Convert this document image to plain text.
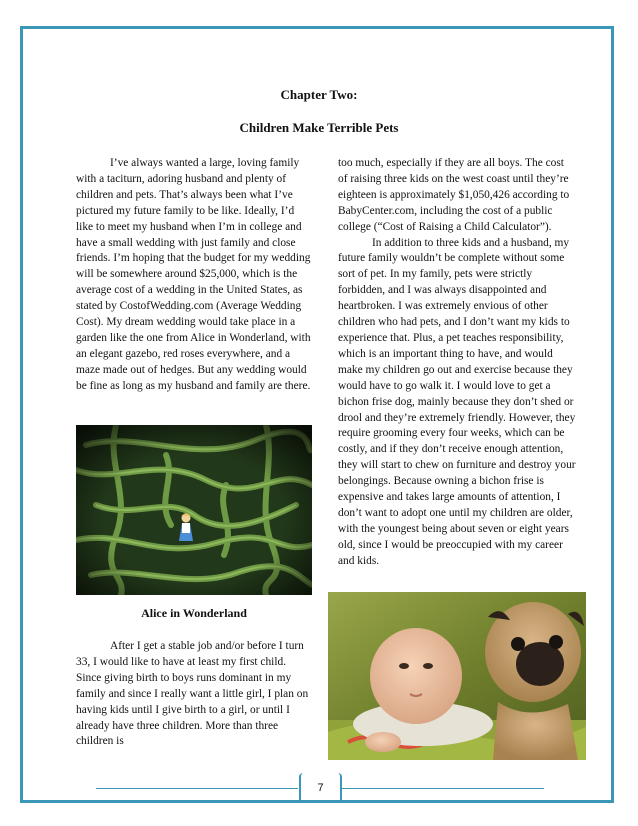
Chapter Two:
Children Make Terrible Pets

I’ve always wanted a large, loving family with a taciturn, adoring husband and plenty of children and pets. That’s always been what I’ve pictured my future family to be like. Ideally, I’d like to meet my husband when I’m in college and have a small wedding with just family and close friends. I’m hoping that the budget for my wedding will be somewhere around $25,000, which is the average cost of a wedding in the United States, as stated by CostofWedding.com (Average Wedding Cost). My dream wedding would take place in a garden like the one from Alice in Wonderland, with an elegant gazebo, red roses everywhere, and a maze made out of hedges. But any wedding would be fine as long as my husband and family are there.

Alice in Wonderland

After I get a stable job and/or before I turn 33, I would like to have at least my first child. Since giving birth to boys runs dominant in my family and since I really want a little girl, I plan on having kids until I give birth to a girl, or until I already have three children. More than three children is

too much, especially if they are all boys. The cost of raising three kids on the west coast until they’re eighteen is approximately $1,050,426 according to BabyCenter.com, including the cost of a public college (“Cost of Raising a Child Calculator”).

In addition to three kids and a husband, my future family wouldn’t be complete without some sort of pet. In my family, pets were strictly forbidden, and I was always disappointed and heartbroken. I was extremely envious of other children who had pets, and I don’t want my kids to experience that. Plus, a pet teaches responsibility, which is an important thing to have, and would make my children go out and exercise because they would have to go walk it. I would love to get a bichon frise dog, mainly because they don’t shed or drool and they’re extremely friendly. However, they require grooming every four weeks, which can be costly, and if they don’t receive enough attention, they will start to chew on furniture and destroy your belongings. Because owning a bichon frise is expensive and takes large amounts of attention, I don’t want to adopt one until my children are older, with the youngest being about seven or eight years old, since I would be preoccupied with my career and kids.

7
